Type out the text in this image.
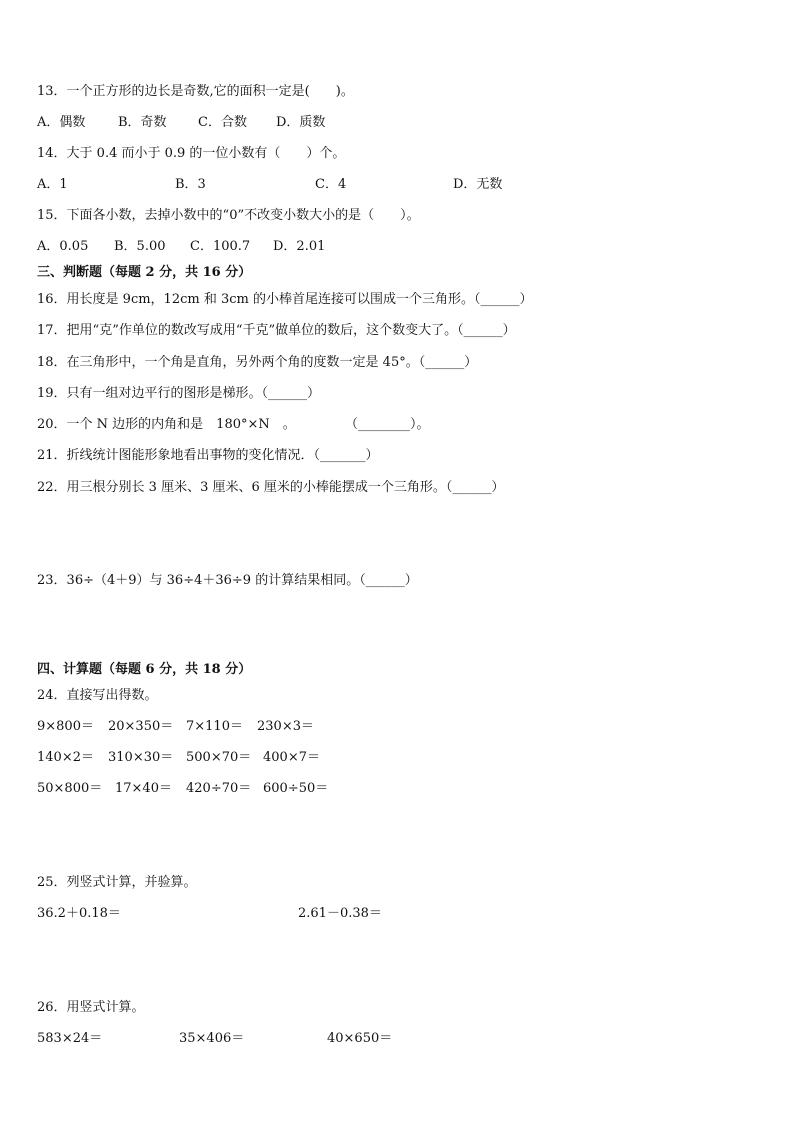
13．一个正方形的边长是奇数,它的面积一定是(　　)。
A．偶数	B．奇数 C．合数 D．质数
14．大于 0.4 而小于 0.9 的一位小数有（　　）个。
A．1	B．3	C．4	D．无数
15．下面各小数，去掉小数中的“0”不改变小数大小的是（　　）。
A．0.05 B．5.00 C．100.7 D．2.01
三、判断题（每题 2 分，共 16 分）
16．用长度是 9cm，12cm 和 3cm 的小棒首尾连接可以围成一个三角形。（______）
17．把用“克”作单位的数改写成用“千克”做单位的数后，这个数变大了。（______）
18．在三角形中，一个角是直角，另外两个角的度数一定是 45°。（______）
19．只有一组对边平行的图形是梯形。（______）
20．一个 N 边形的内角和是　180°×N　。	（________）。
21．折线统计图能形象地看出事物的变化情况．（_______）
22．用三根分别长 3 厘米、3 厘米、6 厘米的小棒能摆成一个三角形。（______）
23．36÷（4＋9）与 36÷4＋36÷9 的计算结果相同。（______）
四、计算题（每题 6 分，共 18 分）
24．直接写出得数。
9×800＝ 20×350＝ 7×110＝ 230×3＝
140×2＝ 310×30＝ 500×70＝ 400×7＝
50×800＝ 17×40＝ 420÷70＝ 600÷50＝
25．列竖式计算，并验算。
36.2＋0.18＝	2.61－0.38＝
26．用竖式计算。
583×24＝	35×406＝	40×650＝
